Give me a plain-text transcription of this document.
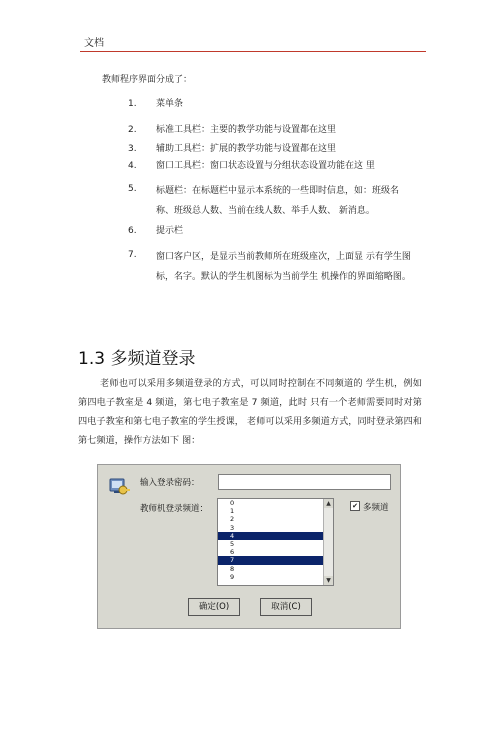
文档
教师程序界面分成了：
1.	菜单条
2.	标准工具栏：主要的教学功能与设置都在这里
3.	辅助工具栏：扩展的教学功能与设置都在这里
4.	窗口工具栏：窗口状态设置与分组状态设置功能在这 里
5.	标题栏：在标题栏中显示本系统的一些即时信息，如：班级名称、班级总人数、当前在线人数、举手人数、 新消息。
6.	提示栏
7.	窗口客户区，是显示当前教师所在班级座次，上面显 示有学生图标，名字。默认的学生机图标为当前学生 机操作的界面缩略图。
1.3 多频道登录
老师也可以采用多频道登录的方式，可以同时控制在不同频道的 学生机，例如第四电子教室是 4 频道，第七电子教室是 7 频道，此时 只有一个老师需要同时对第四电子教室和第七电子教室的学生授课， 老师可以采用多频道方式，同时登录第四和第七频道，操作方法如下 图：
输入登录密码：
教师机登录频道：
0
1
2
3
4
5
6
7
8
9
▲
▼
✔ 多频道
确定(O)	取消(C)
